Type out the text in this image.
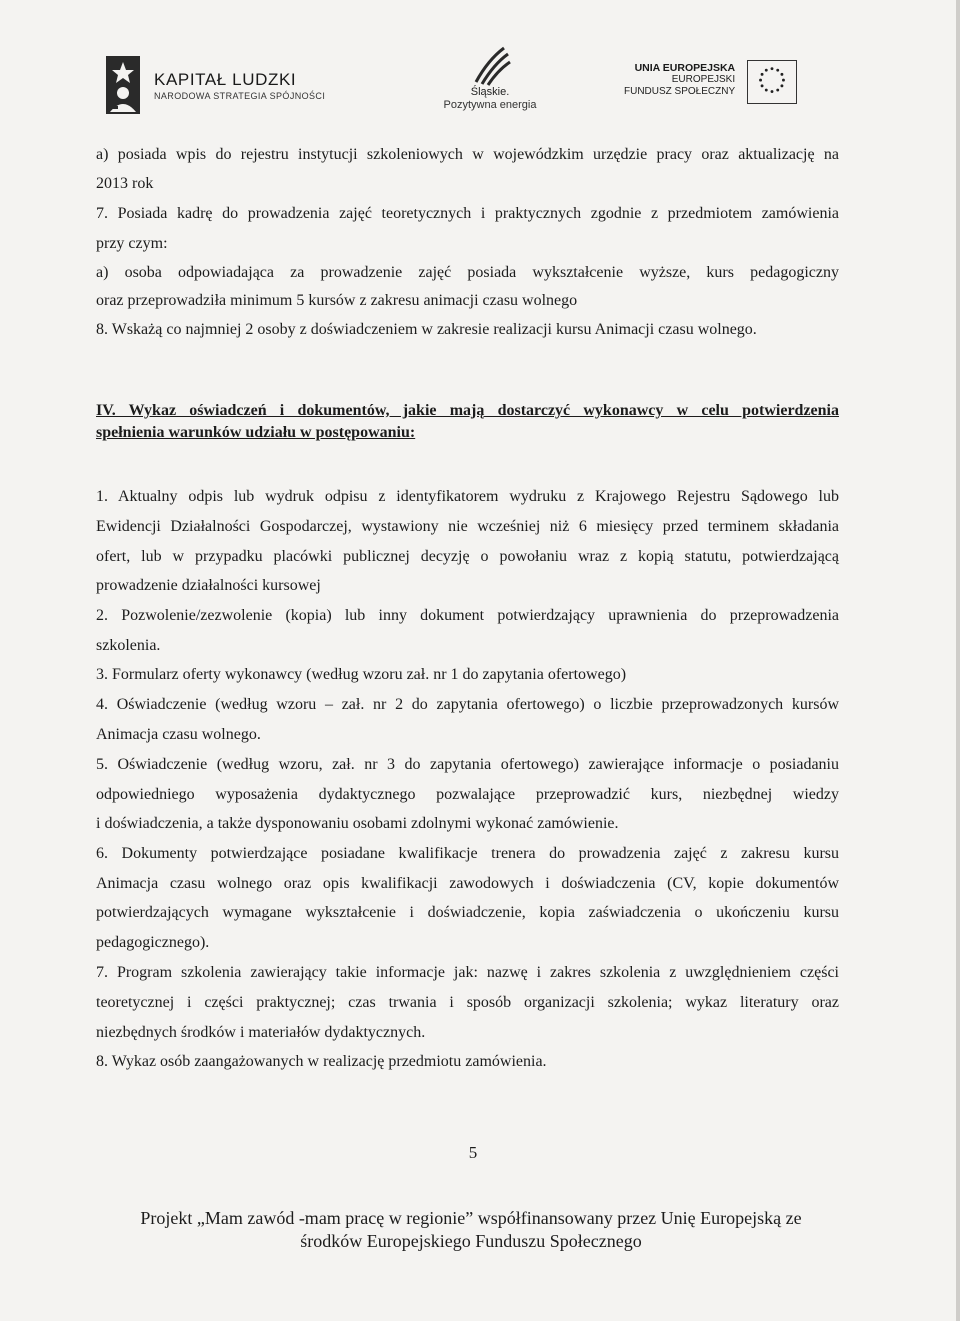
KAPITAŁ LUDZKI
NARODOWA STRATEGIA SPÓJNOŚCI	Śląskie.
Pozytywna energia
UNIA EUROPEJSKA
EUROPEJSKI
FUNDUSZ SPOŁECZNY
a) posiada wpis do rejestru instytucji szkoleniowych w wojewódzkim urzędzie pracy oraz aktualizację na
2013 rok
7. Posiada kadrę do prowadzenia zajęć teoretycznych i praktycznych zgodnie z przedmiotem zamówienia
przy czym:
a) osoba odpowiadająca za prowadzenie zajęć posiada wykształcenie wyższe, kurs pedagogiczny
oraz przeprowadziła minimum 5 kursów z zakresu animacji czasu wolnego
8. Wskażą co najmniej 2 osoby z doświadczeniem w zakresie realizacji kursu Animacji czasu wolnego.
IV. Wykaz oświadczeń i dokumentów, jakie mają dostarczyć wykonawcy w celu potwierdzenia
spełnienia warunków udziału w postępowaniu:
1. Aktualny odpis lub wydruk odpisu z identyfikatorem wydruku z Krajowego Rejestru Sądowego lub
Ewidencji Działalności Gospodarczej, wystawiony nie wcześniej niż 6 miesięcy przed terminem składania
ofert, lub w przypadku placówki publicznej decyzję o powołaniu wraz z kopią statutu, potwierdzającą
prowadzenie działalności kursowej
2. Pozwolenie/zezwolenie (kopia) lub inny dokument potwierdzający uprawnienia do przeprowadzenia
szkolenia.
3. Formularz oferty wykonawcy (według wzoru zał. nr 1 do zapytania ofertowego)
4. Oświadczenie (według wzoru – zał. nr 2 do zapytania ofertowego) o liczbie przeprowadzonych kursów
Animacja czasu wolnego.
5. Oświadczenie (według wzoru, zał. nr 3 do zapytania ofertowego) zawierające informacje o posiadaniu
odpowiedniego wyposażenia dydaktycznego pozwalające przeprowadzić kurs, niezbędnej wiedzy
i doświadczenia, a także dysponowaniu osobami zdolnymi wykonać zamówienie.
6. Dokumenty potwierdzające posiadane kwalifikacje trenera do prowadzenia zajęć z zakresu kursu
Animacja czasu wolnego oraz opis kwalifikacji zawodowych i doświadczenia (CV, kopie dokumentów
potwierdzających wymagane wykształcenie i doświadczenie, kopia zaświadczenia o ukończeniu kursu
pedagogicznego).
7. Program szkolenia zawierający takie informacje jak: nazwę i zakres szkolenia z uwzględnieniem części
teoretycznej i części praktycznej; czas trwania i sposób organizacji szkolenia; wykaz literatury oraz
niezbędnych środków i materiałów dydaktycznych.
8. Wykaz osób zaangażowanych w realizację przedmiotu zamówienia.
5
Projekt „Mam zawód -mam pracę w regionie” współfinansowany przez Unię Europejską ze
środków Europejskiego Funduszu Społecznego
